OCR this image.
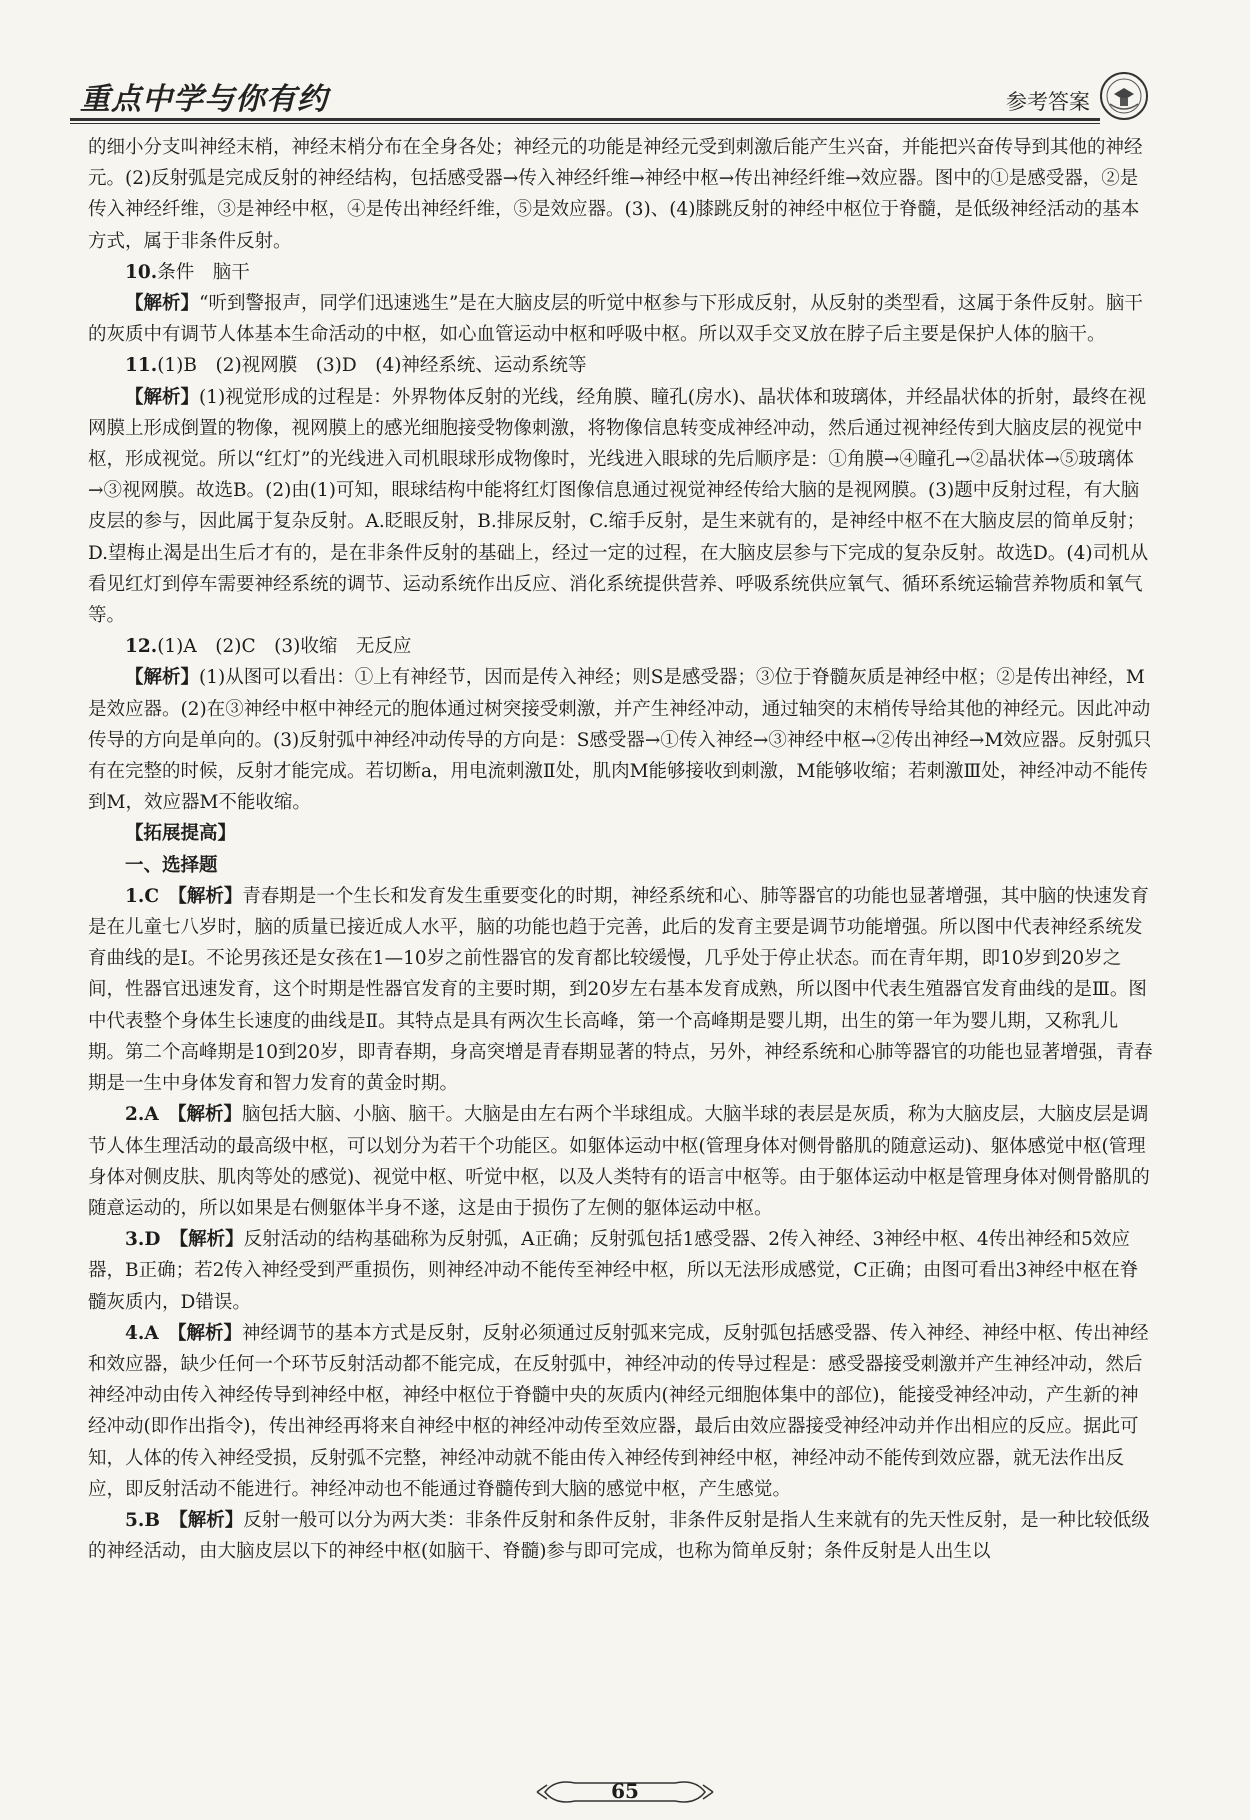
重点中学与你有约	参考答案

的细小分支叫神经末梢，神经末梢分布在全身各处；神经元的功能是神经元受到刺激后能产生兴奋，并能把兴奋传导到其他的神经元。(2)反射弧是完成反射的神经结构，包括感受器→传入神经纤维→神经中枢→传出神经纤维→效应器。图中的①是感受器，②是传入神经纤维，③是神经中枢，④是传出神经纤维，⑤是效应器。(3)、(4)膝跳反射的神经中枢位于脊髓，是低级神经活动的基本方式，属于非条件反射。

10.条件　脑干

【解析】“听到警报声，同学们迅速逃生”是在大脑皮层的听觉中枢参与下形成反射，从反射的类型看，这属于条件反射。脑干的灰质中有调节人体基本生命活动的中枢，如心血管运动中枢和呼吸中枢。所以双手交叉放在脖子后主要是保护人体的脑干。

11.(1)B　(2)视网膜　(3)D　(4)神经系统、运动系统等

【解析】(1)视觉形成的过程是：外界物体反射的光线，经角膜、瞳孔(房水)、晶状体和玻璃体，并经晶状体的折射，最终在视网膜上形成倒置的物像，视网膜上的感光细胞接受物像刺激，将物像信息转变成神经冲动，然后通过视神经传到大脑皮层的视觉中枢，形成视觉。所以“红灯”的光线进入司机眼球形成物像时，光线进入眼球的先后顺序是：①角膜→④瞳孔→②晶状体→⑤玻璃体→③视网膜。故选B。(2)由(1)可知，眼球结构中能将红灯图像信息通过视觉神经传给大脑的是视网膜。(3)题中反射过程，有大脑皮层的参与，因此属于复杂反射。A.眨眼反射，B.排尿反射，C.缩手反射，是生来就有的，是神经中枢不在大脑皮层的简单反射；D.望梅止渴是出生后才有的，是在非条件反射的基础上，经过一定的过程，在大脑皮层参与下完成的复杂反射。故选D。(4)司机从看见红灯到停车需要神经系统的调节、运动系统作出反应、消化系统提供营养、呼吸系统供应氧气、循环系统运输营养物质和氧气等。

12.(1)A　(2)C　(3)收缩　无反应

【解析】(1)从图可以看出：①上有神经节，因而是传入神经；则S是感受器；③位于脊髓灰质是神经中枢；②是传出神经，M是效应器。(2)在③神经中枢中神经元的胞体通过树突接受刺激，并产生神经冲动，通过轴突的末梢传导给其他的神经元。因此冲动传导的方向是单向的。(3)反射弧中神经冲动传导的方向是：S感受器→①传入神经→③神经中枢→②传出神经→M效应器。反射弧只有在完整的时候，反射才能完成。若切断a，用电流刺激Ⅱ处，肌肉M能够接收到刺激，M能够收缩；若刺激Ⅲ处，神经冲动不能传到M，效应器M不能收缩。

【拓展提高】

一、选择题

1.C　 【解析】青春期是一个生长和发育发生重要变化的时期，神经系统和心、肺等器官的功能也显著增强，其中脑的快速发育是在儿童七八岁时，脑的质量已接近成人水平，脑的功能也趋于完善，此后的发育主要是调节功能增强。所以图中代表神经系统发育曲线的是Ⅰ。不论男孩还是女孩在1—10岁之前性器官的发育都比较缓慢，几乎处于停止状态。而在青年期，即10岁到20岁之间，性器官迅速发育，这个时期是性器官发育的主要时期，到20岁左右基本发育成熟，所以图中代表生殖器官发育曲线的是Ⅲ。图中代表整个身体生长速度的曲线是Ⅱ。其特点是具有两次生长高峰，第一个高峰期是婴儿期，出生的第一年为婴儿期，又称乳儿期。第二个高峰期是10到20岁，即青春期，身高突增是青春期显著的特点，另外，神经系统和心肺等器官的功能也显著增强，青春期是一生中身体发育和智力发育的黄金时期。

2.A　 【解析】脑包括大脑、小脑、脑干。大脑是由左右两个半球组成。大脑半球的表层是灰质，称为大脑皮层，大脑皮层是调节人体生理活动的最高级中枢，可以划分为若干个功能区。如躯体运动中枢(管理身体对侧骨骼肌的随意运动)、躯体感觉中枢(管理身体对侧皮肤、肌肉等处的感觉)、视觉中枢、听觉中枢，以及人类特有的语言中枢等。由于躯体运动中枢是管理身体对侧骨骼肌的随意运动的，所以如果是右侧躯体半身不遂，这是由于损伤了左侧的躯体运动中枢。

3.D　 【解析】反射活动的结构基础称为反射弧，A正确；反射弧包括1感受器、2传入神经、3神经中枢、4传出神经和5效应器，B正确；若2传入神经受到严重损伤，则神经冲动不能传至神经中枢，所以无法形成感觉，C正确；由图可看出3神经中枢在脊髓灰质内，D错误。

4.A　 【解析】神经调节的基本方式是反射，反射必须通过反射弧来完成，反射弧包括感受器、传入神经、神经中枢、传出神经和效应器，缺少任何一个环节反射活动都不能完成，在反射弧中，神经冲动的传导过程是：感受器接受刺激并产生神经冲动，然后神经冲动由传入神经传导到神经中枢，神经中枢位于脊髓中央的灰质内(神经元细胞体集中的部位)，能接受神经冲动，产生新的神经冲动(即作出指令)，传出神经再将来自神经中枢的神经冲动传至效应器，最后由效应器接受神经冲动并作出相应的反应。据此可知，人体的传入神经受损，反射弧不完整，神经冲动就不能由传入神经传到神经中枢，神经冲动不能传到效应器，就无法作出反应，即反射活动不能进行。神经冲动也不能通过脊髓传到大脑的感觉中枢，产生感觉。

5.B　 【解析】反射一般可以分为两大类：非条件反射和条件反射，非条件反射是指人生来就有的先天性反射，是一种比较低级的神经活动，由大脑皮层以下的神经中枢(如脑干、脊髓)参与即可完成，也称为简单反射；条件反射是人出生以

65
